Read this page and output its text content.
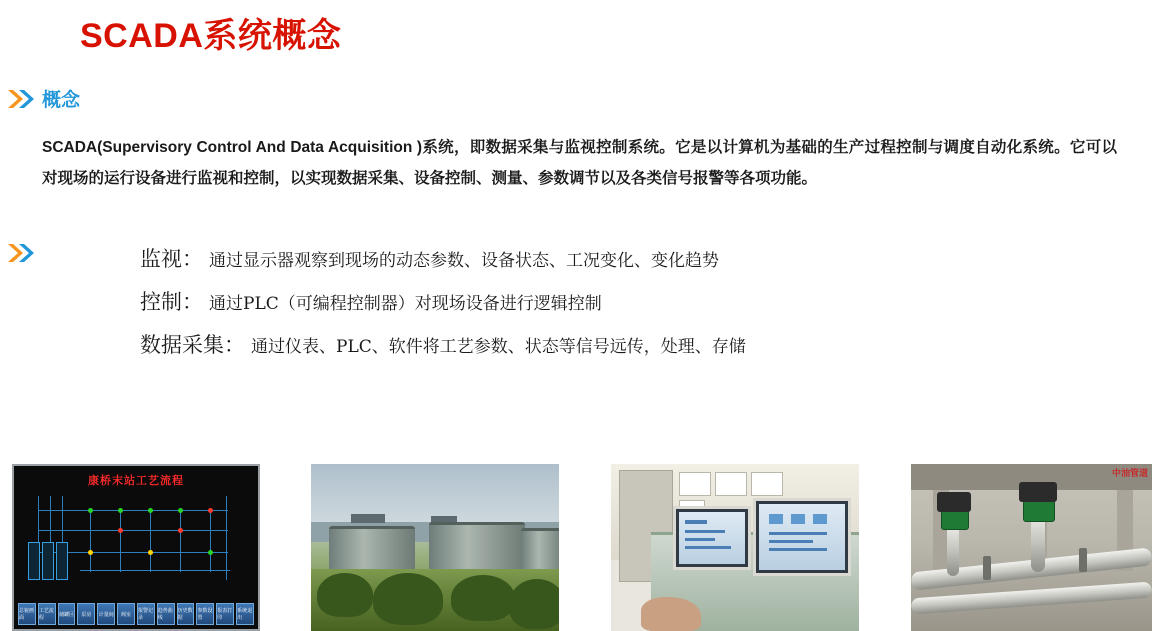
SCADA系统概念
概念
SCADA(Supervisory Control And Data Acquisition )系统，即数据采集与监视控制系统。它是以计算机为基础的生产过程控制与调度自动化系统。它可以对现场的运行设备进行监视和控制，以实现数据采集、设备控制、测量、参数调节以及各类信号报警等各项功能。
监视 ： 通过显示器观察到现场的动态参数、设备状态、工况变化、变化趋势
控制 ： 通过PLC（可编程控制器）对现场设备进行逻辑控制
数据采集 ： 通过仪表、PLC、软件将工艺参数、状态等信号远传，处理、存储
康桥末站工艺流程
总貌画面
工艺流程
储罐区	泵房	计量间	阀室
报警记录
趋势曲线
历史数据
参数设置
报表打印
系统退出
中油管道
